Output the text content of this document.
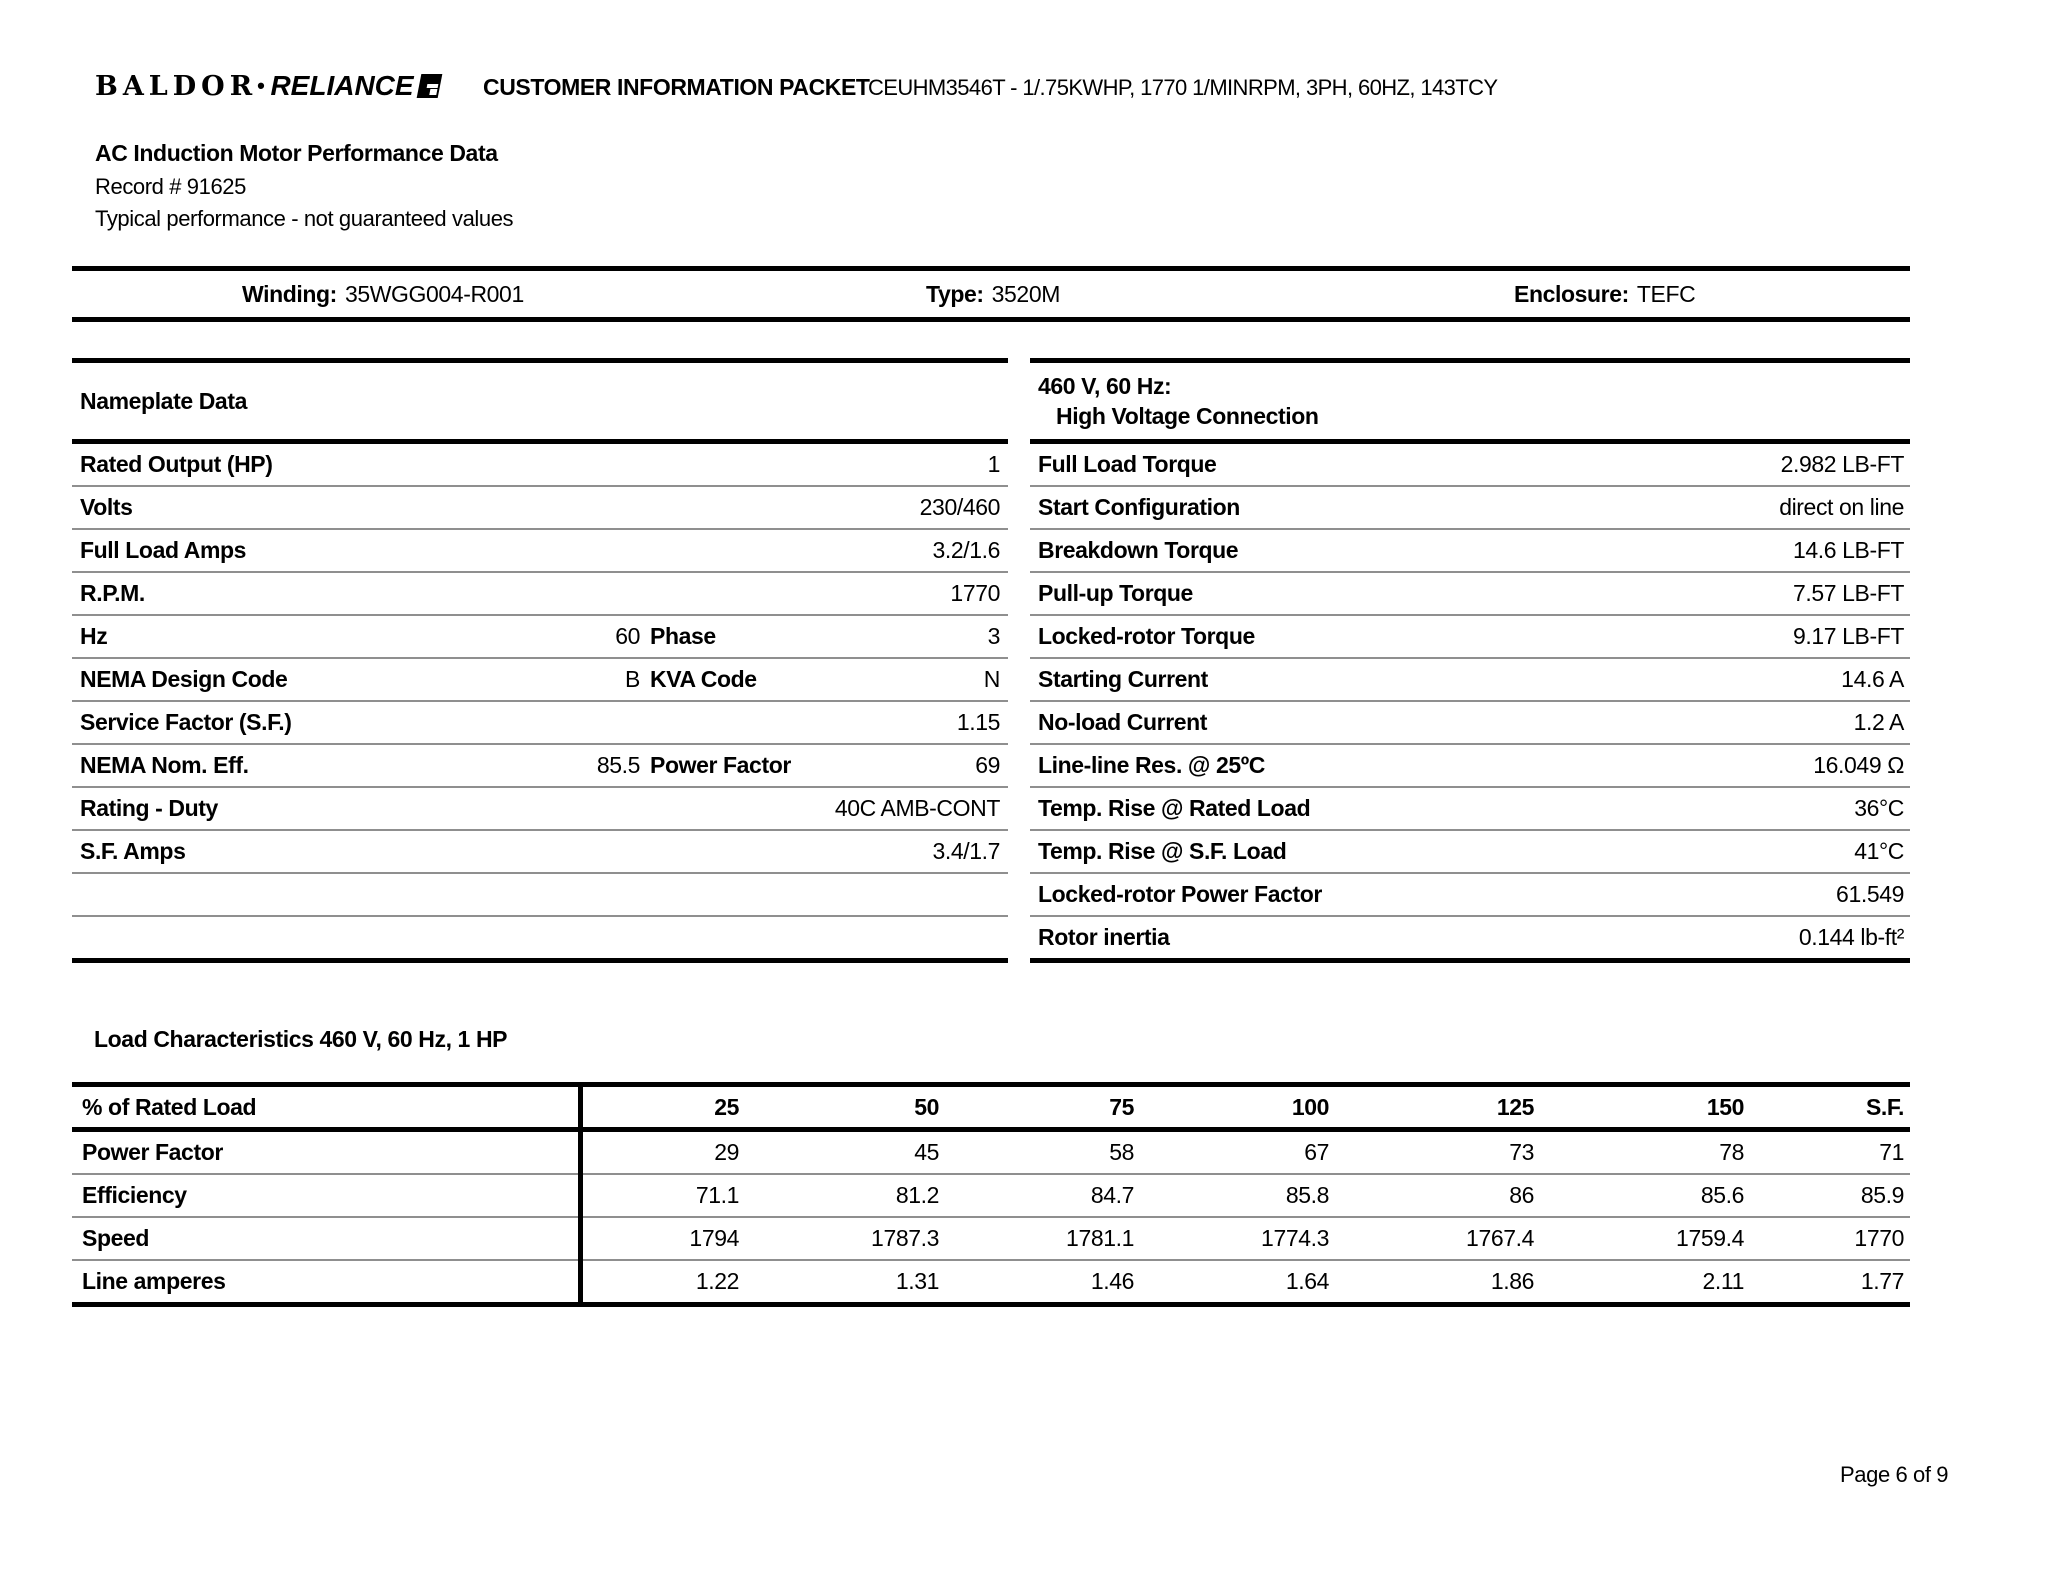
BALDOR • RELIANCE	CUSTOMER INFORMATION PACKET
CEUHM3546T - 1/.75KWHP, 1770 1/MINRPM, 3PH, 60HZ, 143TCY
AC Induction Motor Performance Data
Record # 91625
Typical performance - not guaranteed values
Winding: 35WGG004-R001	Type: 3520M	Enclosure: TEFC
Nameplate Data
Rated Output (HP)	1
Volts	230/460
Full Load Amps	3.2/1.6
R.P.M.	1770
Hz	60 Phase	3
NEMA Design Code	B KVA Code	N
Service Factor (S.F.)	1.15
NEMA Nom. Eff.	85.5 Power Factor	69
Rating - Duty	40C AMB-CONT
S.F. Amps	3.4/1.7
460 V, 60 Hz:
High Voltage Connection
Full Load Torque	2.982 LB-FT
Start Configuration	direct on line
Breakdown Torque	14.6 LB-FT
Pull-up Torque	7.57 LB-FT
Locked-rotor Torque	9.17 LB-FT
Starting Current	14.6 A
No-load Current	1.2 A
Line-line Res. @ 25ºC	16.049 Ω
Temp. Rise @ Rated Load	36°C
Temp. Rise @ S.F. Load	41°C
Locked-rotor Power Factor	61.549
Rotor inertia	0.144 lb-ft²
Load Characteristics 460 V, 60 Hz, 1 HP
% of Rated Load	25	50	75	100	125	150	S.F.
Power Factor	29	45	58	67	73	78	71
Efficiency	71.1	81.2	84.7	85.8	86	85.6	85.9
Speed	1794	1787.3	1781.1	1774.3	1767.4	1759.4	1770
Line amperes	1.22	1.31	1.46	1.64	1.86	2.11	1.77
Page 6 of 9
